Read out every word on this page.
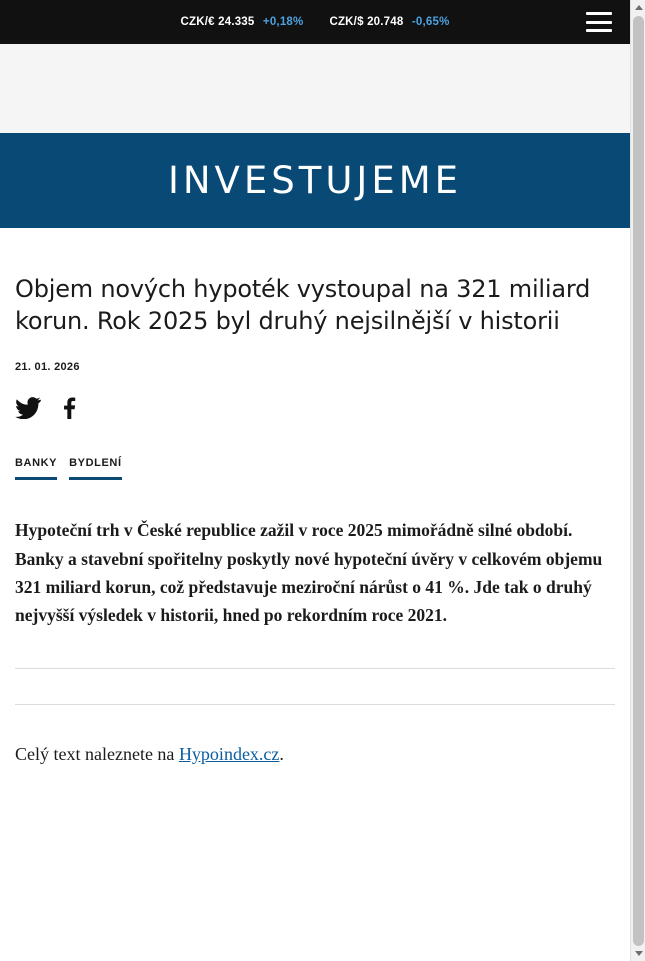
CZK/€ 24.335 +0,18% CZK/$ 20.748 -0,65%
INVESTUJEME
Objem nových hypoték vystoupal na 321 miliard korun. Rok 2025 byl druhý nejsilnější v historii
21. 01. 2026
BANKY BYDLENÍ

Hypoteční trh v České republice zažil v roce 2025 mimořádně silné období. Banky a stavební spořitelny poskytly nové hypoteční úvěry v celkovém objemu 321 miliard korun, což představuje meziroční nárůst o 41 %. Jde tak o druhý nejvyšší výsledek v historii, hned po rekordním roce 2021.

Celý text naleznete na Hypoindex.cz.
